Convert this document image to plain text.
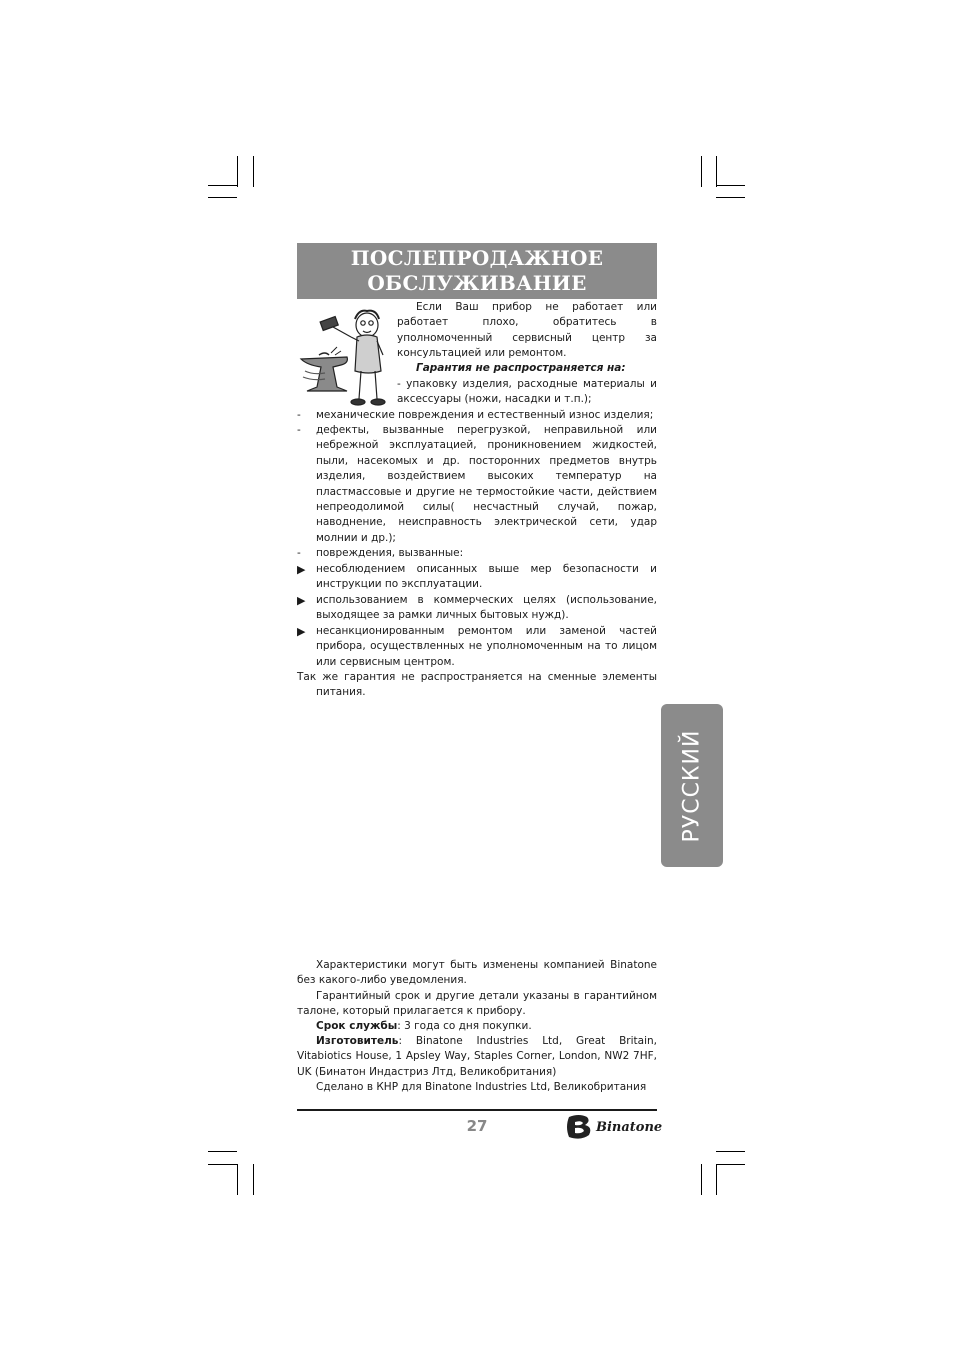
ПОСЛЕПРОДАЖНОЕ
ОБСЛУЖИВАНИЕ
Если Ваш прибор не работает или работает плохо, обратитесь в уполномоченный сервисный центр за консультацией или ремонтом.
Гарантия не распространяется на:
- упаковку изделия, расходные материалы и аксессуары (ножи, насадки и т.п.);
-	механические повреждения и естественный износ изделия;
-	дефекты, вызванные перегрузкой, неправильной или небрежной эксплуатацией, проникновением жидкостей, пыли, насекомых и др. посторонних предметов внутрь изделия, воздействием высоких температур на пластмассовые и другие не термостойкие части, действием непреодолимой силы( несчастный случай, пожар, наводнение, неисправность электрической сети, удар молнии и др.);
-	повреждения, вызванные:
▶	несоблюдением описанных выше мер безопасности и инструкции по эксплуатации.
▶	использованием в коммерческих целях (использование, выходящее за рамки личных бытовых нужд).
▶	несанкционированным ремонтом или заменой частей прибора, осуществленных не уполномоченным на то лицом или сервисным центром.
Так же гарантия не распространяется на сменные элементы питания.
РУССКИЙ
Характеристики могут быть изменены компанией Binatone без какого-либо уведомления.
Гарантийный срок и другие детали указаны в гарантийном талоне, который прилагается к прибору.
Срок службы: 3 года со дня покупки.
Изготовитель: Binatone Industries Ltd, Great Britain, Vitabiotics House, 1 Apsley Way, Staples Corner, London, NW2 7HF, UK (Бинатон Индастриз Лтд, Великобритания)
Сделано в КНР для Binatone Industries Ltd, Великобритания
27	Binatone
